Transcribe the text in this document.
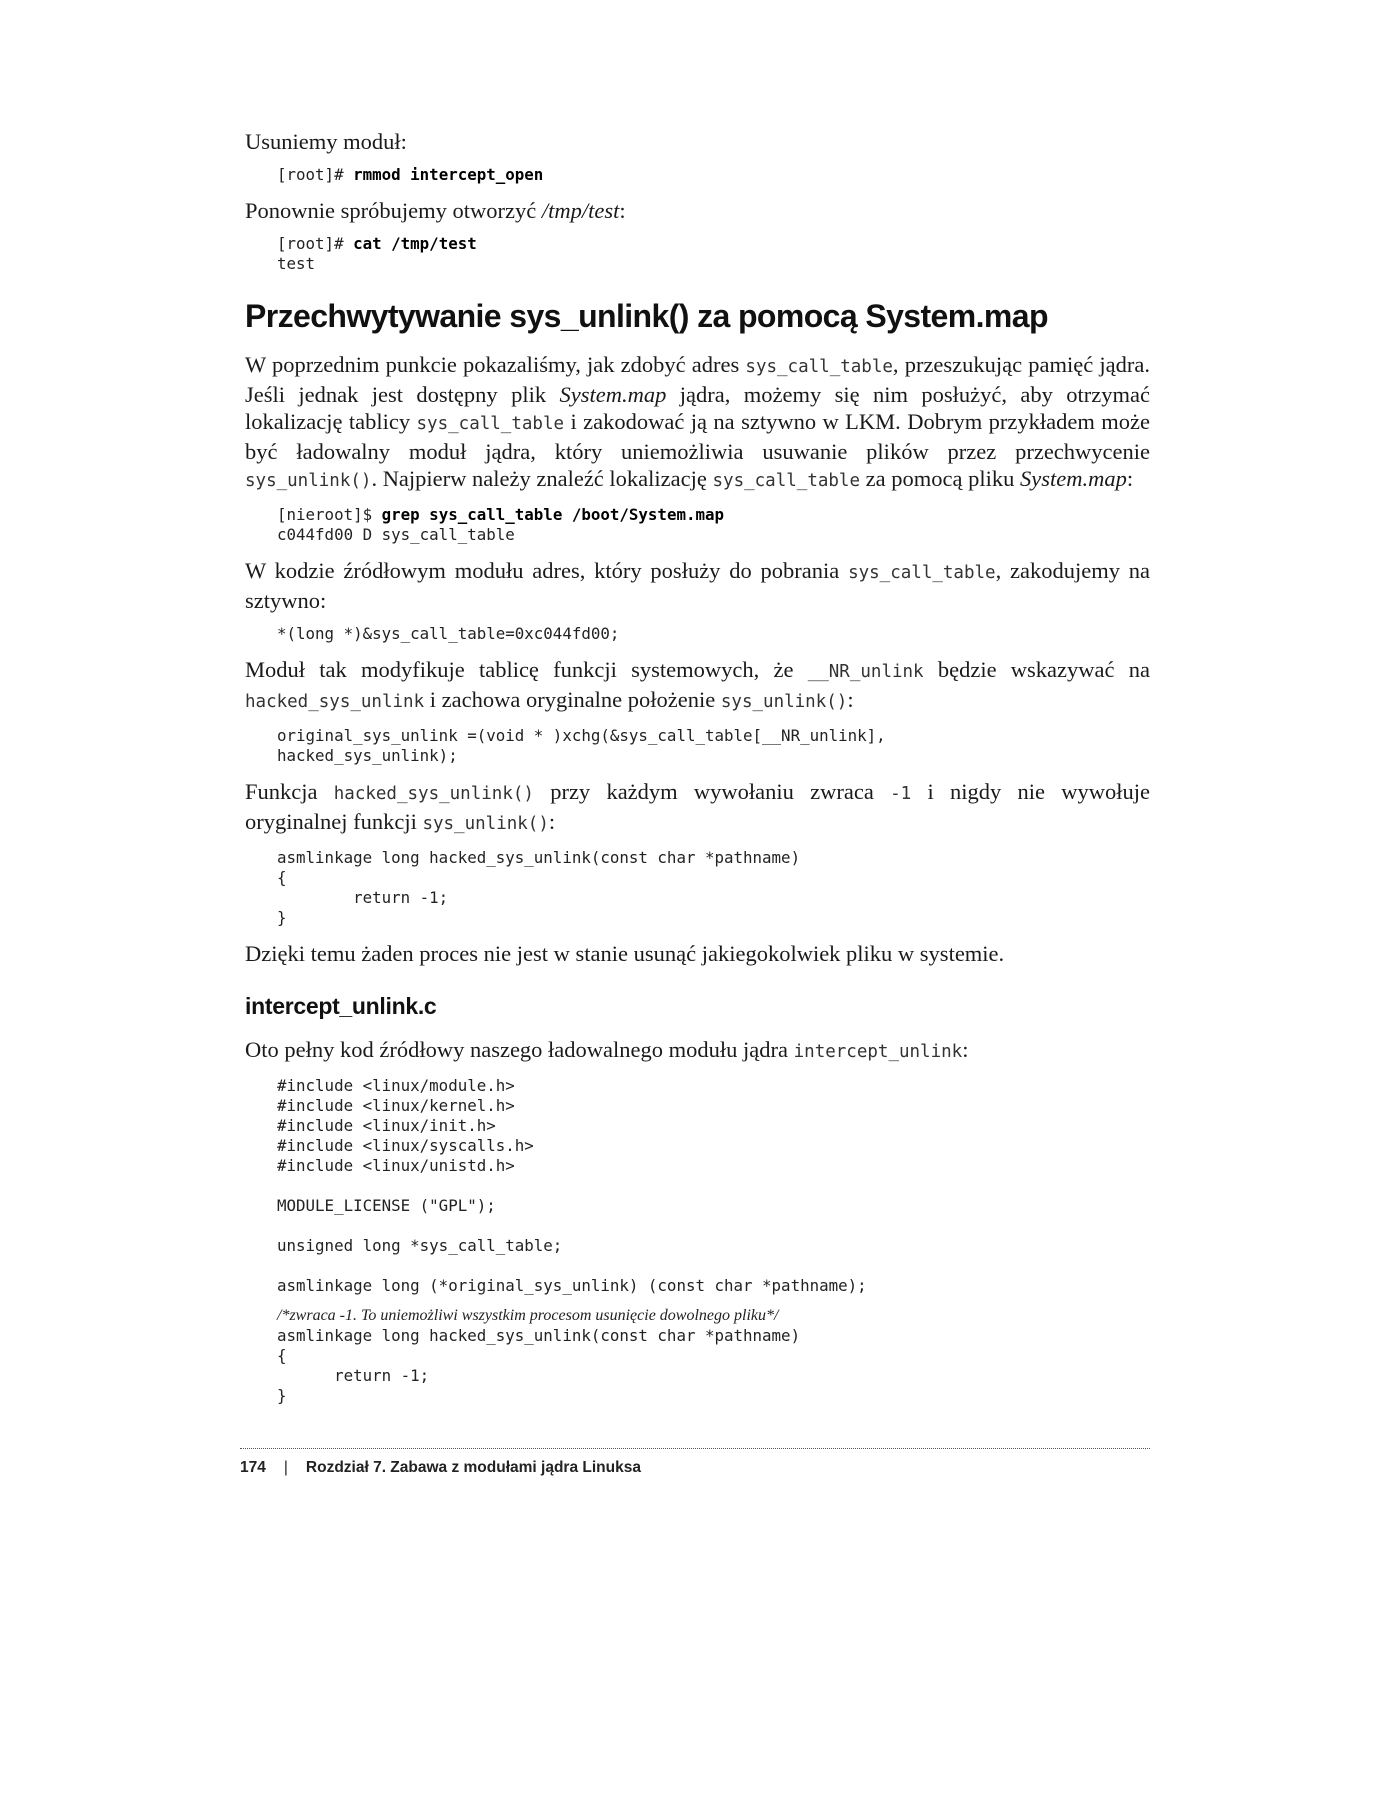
Usuniemy moduł:

[root]# rmmod intercept_open

Ponownie spróbujemy otworzyć /tmp/test:

[root]# cat /tmp/test
test
Przechwytywanie sys_unlink() za pomocą System.map

W poprzednim punkcie pokazaliśmy, jak zdobyć adres sys_call_table, przeszukując pamięć jądra. Jeśli jednak jest dostępny plik System.map jądra, możemy się nim posłużyć, aby otrzymać lokalizację tablicy sys_call_table i zakodować ją na sztywno w LKM. Dobrym przykładem może być ładowalny moduł jądra, który uniemożliwia usuwanie plików przez przechwycenie sys_unlink(). Najpierw należy znaleźć lokalizację sys_call_table za pomocą pliku System.map:

[nieroot]$ grep sys_call_table /boot/System.map
c044fd00 D sys_call_table

W kodzie źródłowym modułu adres, który posłuży do pobrania sys_call_table, zakodujemy na sztywno:

*(long *)&sys_call_table=0xc044fd00;

Moduł tak modyfikuje tablicę funkcji systemowych, że __NR_unlink będzie wskazywać na hacked_sys_unlink i zachowa oryginalne położenie sys_unlink():

original_sys_unlink =(void * )xchg(&sys_call_table[__NR_unlink],
hacked_sys_unlink);

Funkcja hacked_sys_unlink() przy każdym wywołaniu zwraca -1 i nigdy nie wywołuje oryginalnej funkcji sys_unlink():

asmlinkage long hacked_sys_unlink(const char *pathname)
{
return -1;
}

Dzięki temu żaden proces nie jest w stanie usunąć jakiegokolwiek pliku w systemie.

intercept_unlink.c

Oto pełny kod źródłowy naszego ładowalnego modułu jądra intercept_unlink:

#include <linux/module.h>
#include <linux/kernel.h>
#include <linux/init.h>
#include <linux/syscalls.h>
#include <linux/unistd.h>
MODULE_LICENSE ("GPL");
unsigned long *sys_call_table;
asmlinkage long (*original_sys_unlink) (const char *pathname);
/*zwraca -1. To uniemożliwi wszystkim procesom usunięcie dowolnego pliku*/
asmlinkage long hacked_sys_unlink(const char *pathname)
{
return -1;
}
174 | Rozdział 7. Zabawa z modułami jądra Linuksa
